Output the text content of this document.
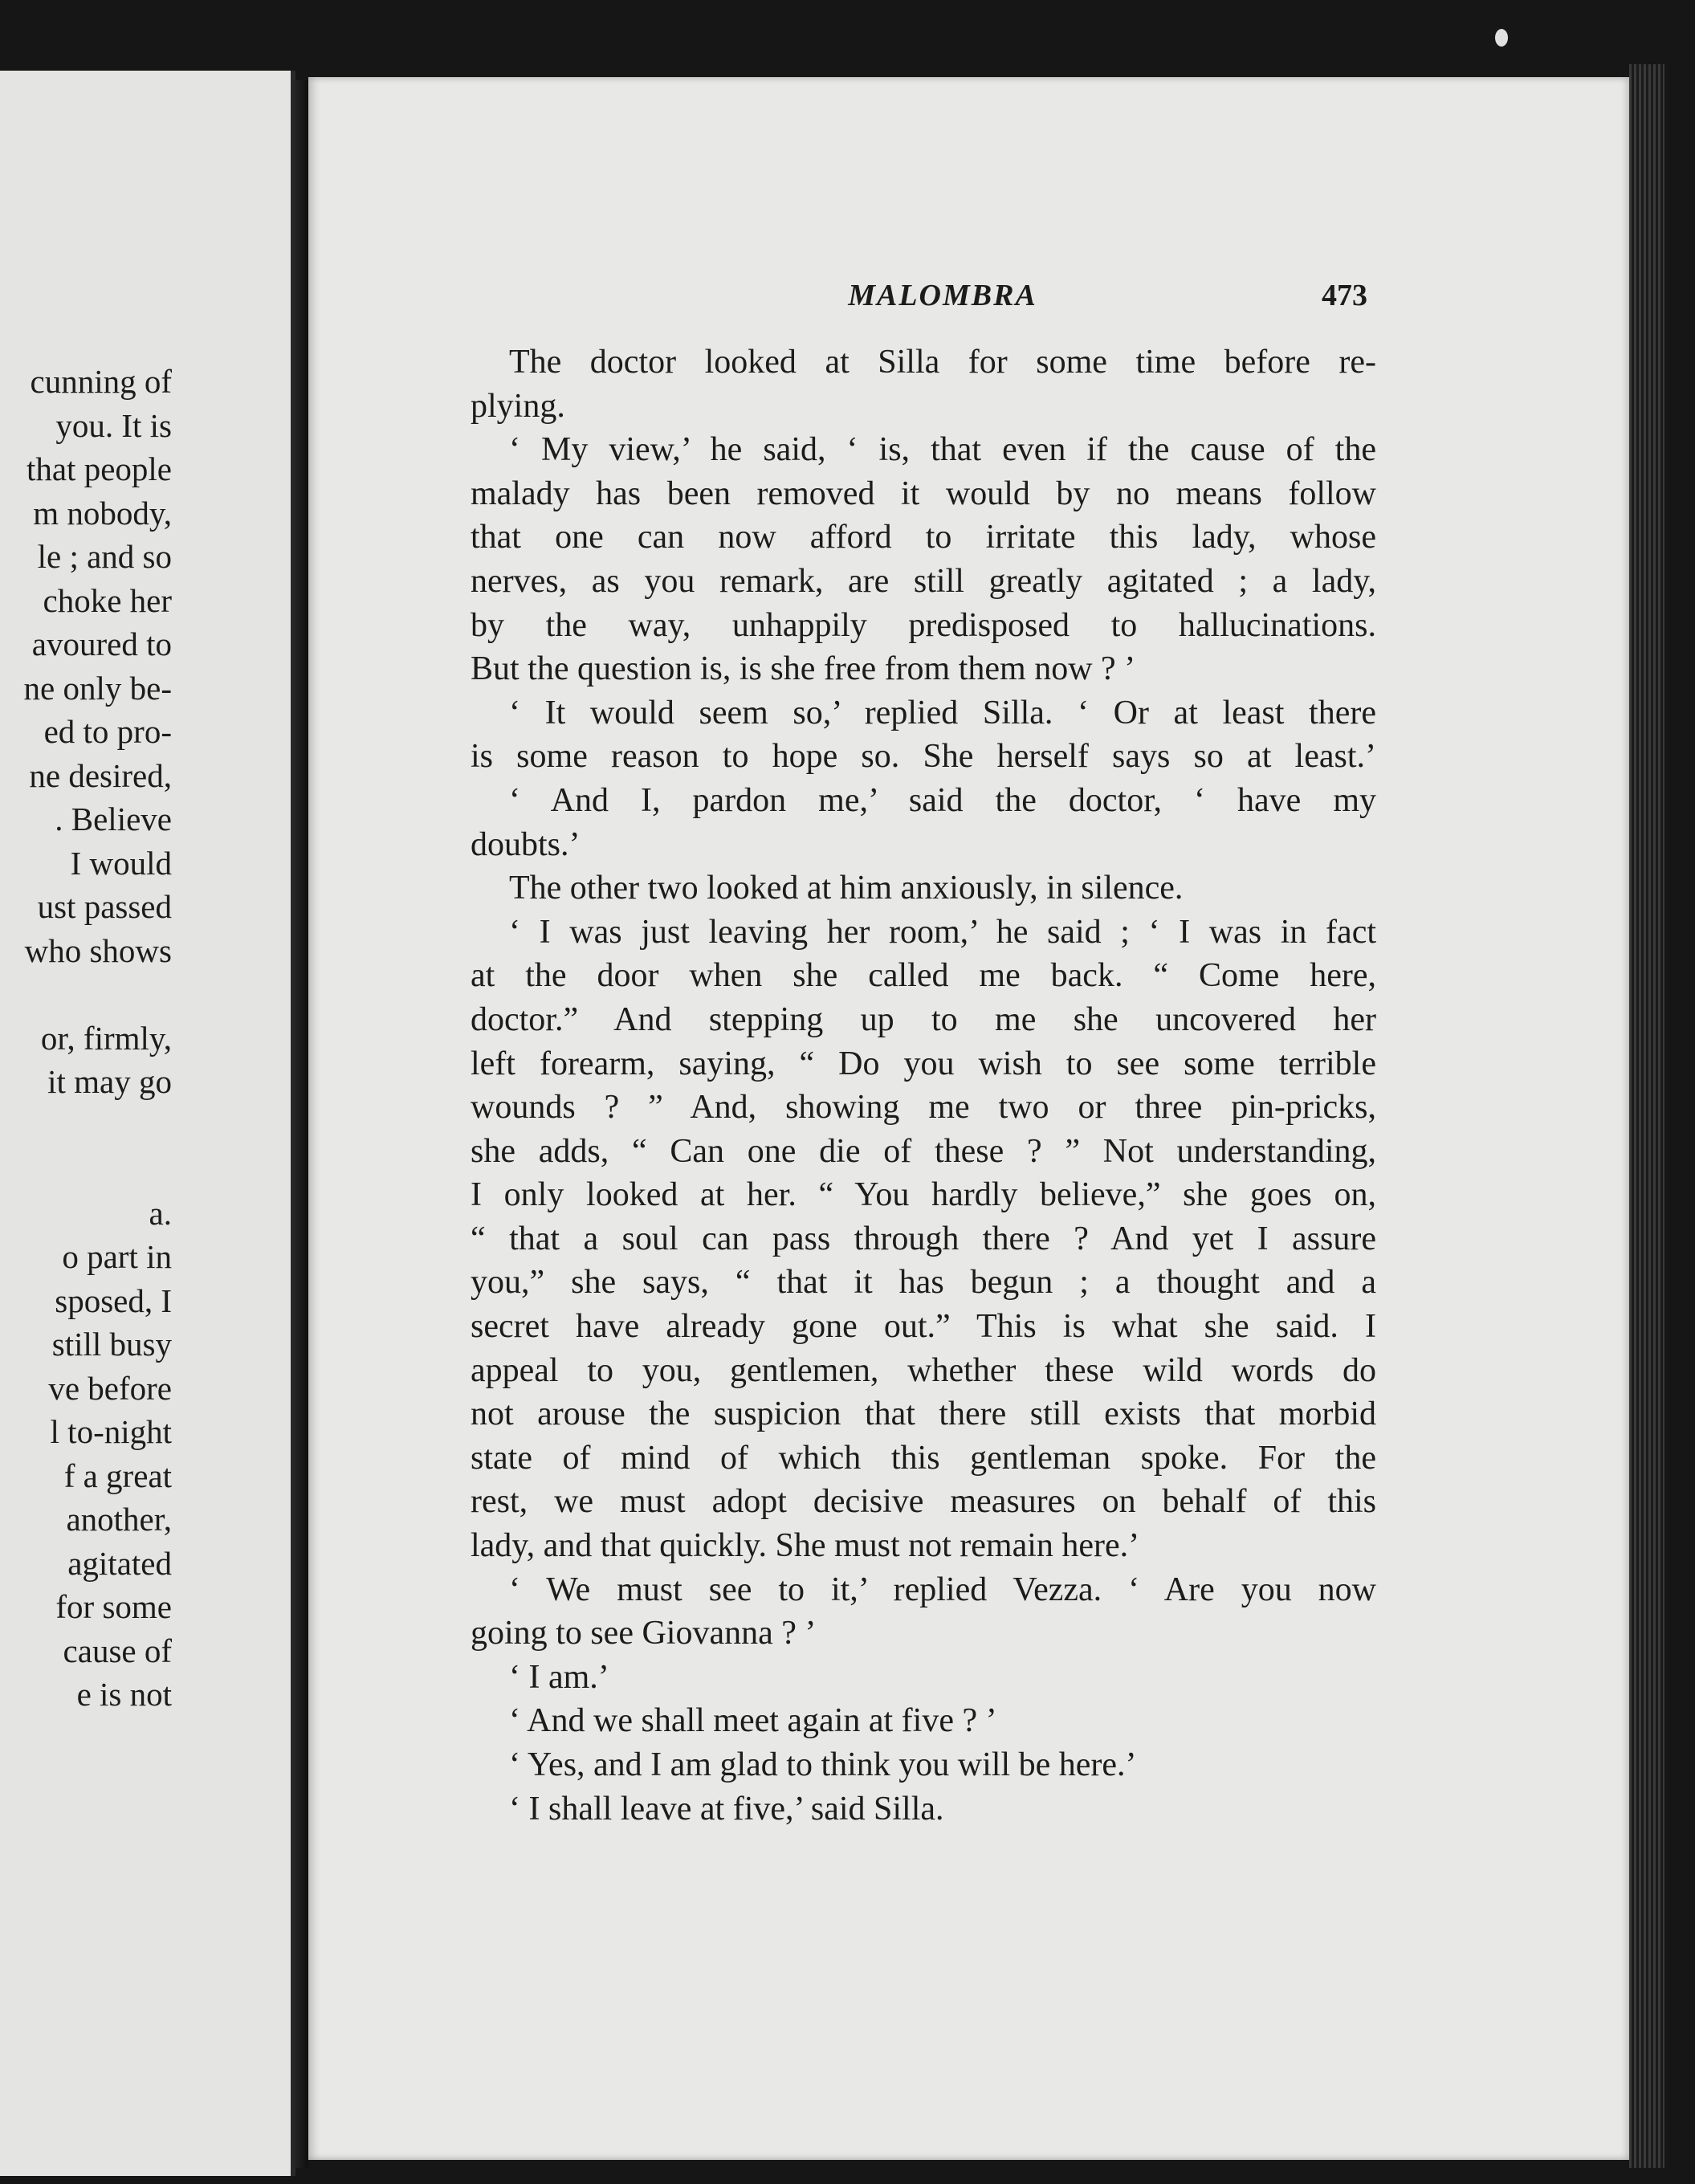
cunning of
you. It is
that people
m nobody,
le ; and so
choke her
avoured to
ne only be-
ed to pro-
ne desired,
. Believe
I would
ust passed
who shows
or, firmly,
it may go
a.
o part in
sposed, I
still busy
ve before
l to-night
f a great
another,
agitated
for some
cause of
e is not
MALOMBRA	473
The doctor looked at Silla for some time before re-
plying.
‘ My view,’ he said, ‘ is, that even if the cause of the
malady has been removed it would by no means follow
that one can now afford to irritate this lady, whose
nerves, as you remark, are still greatly agitated ; a lady,
by the way, unhappily predisposed to hallucinations.
But the question is, is she free from them now ? ’
‘ It would seem so,’ replied Silla. ‘ Or at least there
is some reason to hope so. She herself says so at least.’
‘ And I, pardon me,’ said the doctor, ‘ have my
doubts.’
The other two looked at him anxiously, in silence.
‘ I was just leaving her room,’ he said ; ‘ I was in fact
at the door when she called me back. “ Come here,
doctor.” And stepping up to me she uncovered her
left forearm, saying, “ Do you wish to see some terrible
wounds ? ” And, showing me two or three pin-pricks,
she adds, “ Can one die of these ? ” Not understanding,
I only looked at her. “ You hardly believe,” she goes on,
“ that a soul can pass through there ? And yet I assure
you,” she says, “ that it has begun ; a thought and a
secret have already gone out.” This is what she said. I
appeal to you, gentlemen, whether these wild words do
not arouse the suspicion that there still exists that morbid
state of mind of which this gentleman spoke. For the
rest, we must adopt decisive measures on behalf of this
lady, and that quickly. She must not remain here.’
‘ We must see to it,’ replied Vezza. ‘ Are you now
going to see Giovanna ? ’
‘ I am.’
‘ And we shall meet again at five ? ’
‘ Yes, and I am glad to think you will be here.’
‘ I shall leave at five,’ said Silla.
